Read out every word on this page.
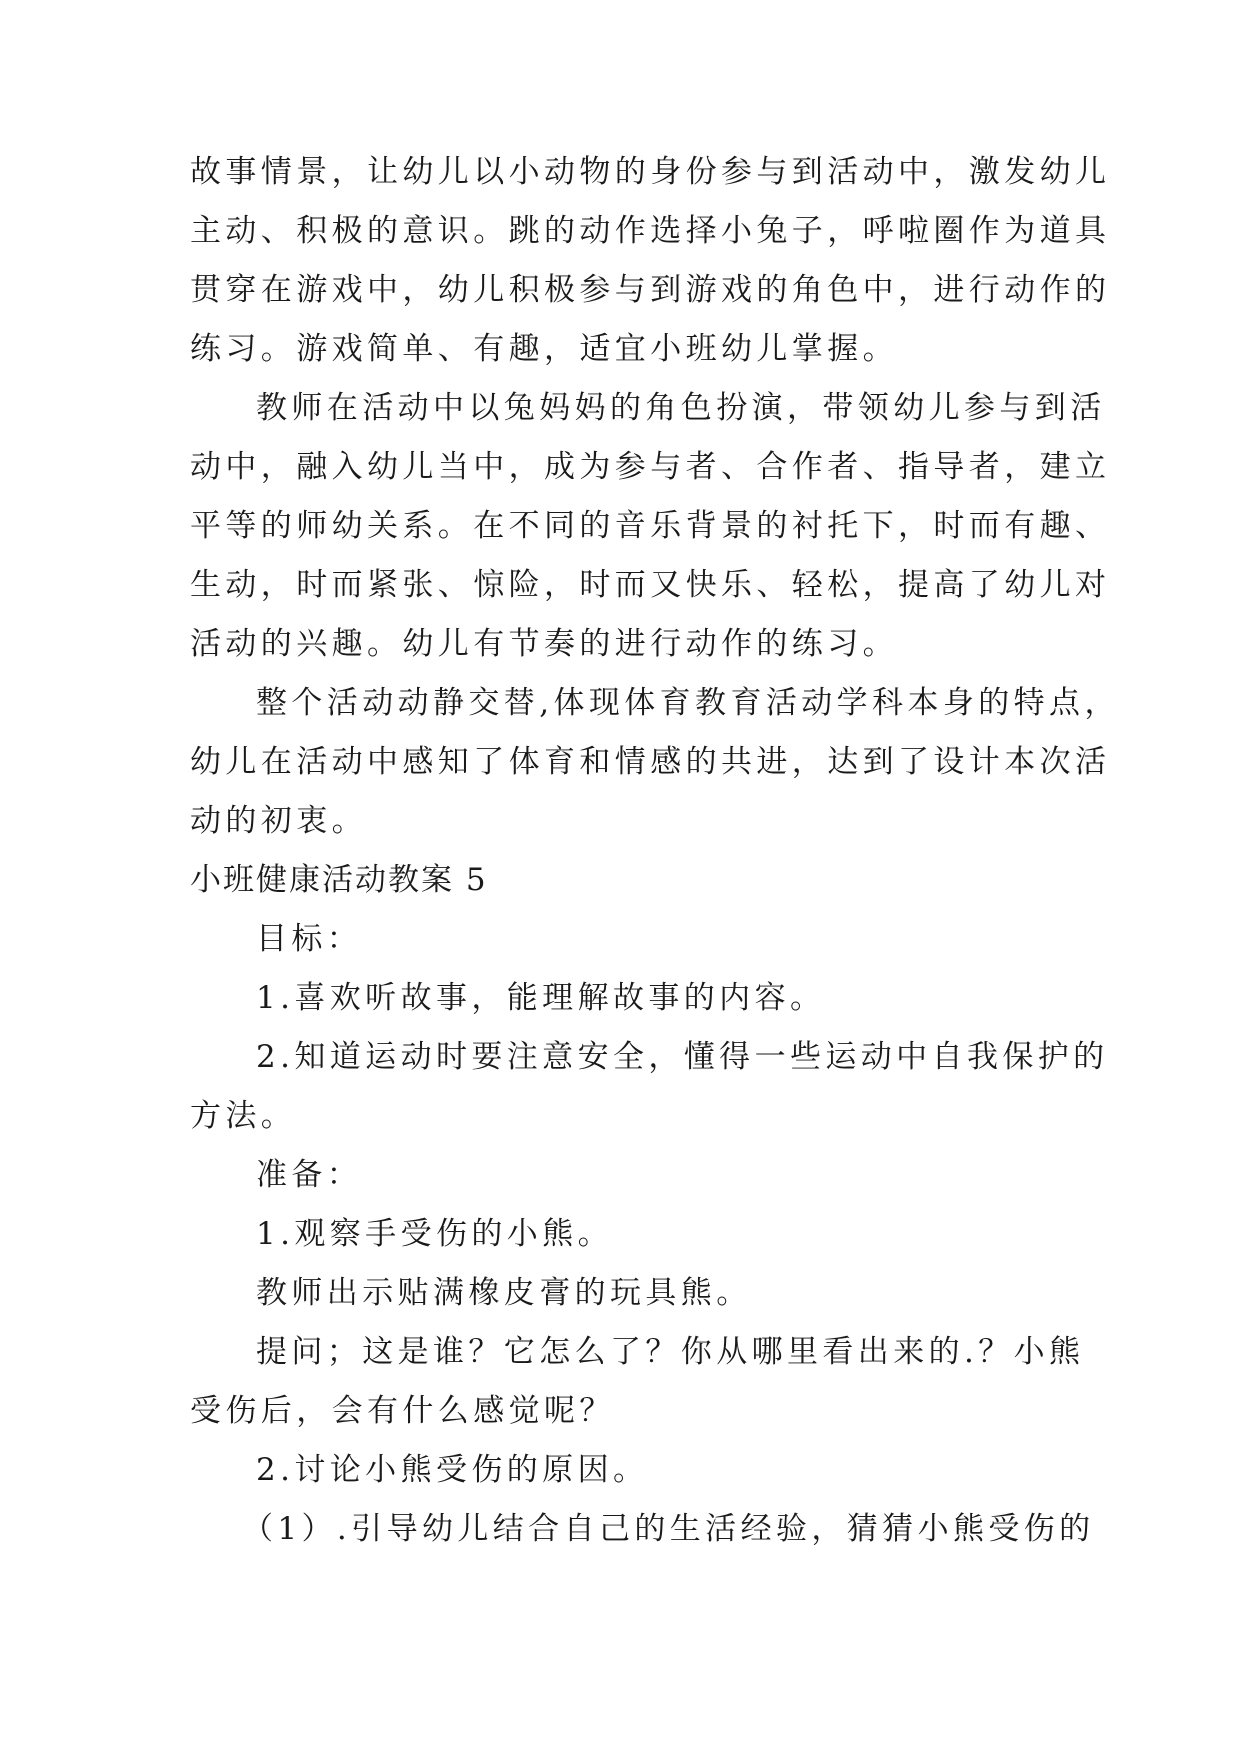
故事情景，让幼儿以小动物的身份参与到活动中，激发幼儿
主动、积极的意识。跳的动作选择小兔子，呼啦圈作为道具
贯穿在游戏中，幼儿积极参与到游戏的角色中，进行动作的
练习。游戏简单、有趣，适宜小班幼儿掌握。
教师在活动中以兔妈妈的角色扮演，带领幼儿参与到活
动中，融入幼儿当中，成为参与者、合作者、指导者，建立
平等的师幼关系。在不同的音乐背景的衬托下，时而有趣、
生动，时而紧张、惊险，时而又快乐、轻松，提高了幼儿对
活动的兴趣。幼儿有节奏的进行动作的练习。
整个活动动静交替,体现体育教育活动学科本身的特点，
幼儿在活动中感知了体育和情感的共进，达到了设计本次活
动的初衷。
小班健康活动教案 5
目标：
1.喜欢听故事，能理解故事的内容。
2.知道运动时要注意安全，懂得一些运动中自我保护的
方法。
准备：
1.观察手受伤的小熊。
教师出示贴满橡皮膏的玩具熊。
提问；这是谁？它怎么了？你从哪里看出来的.？小熊
受伤后，会有什么感觉呢？
2.讨论小熊受伤的原因。
（1）.引导幼儿结合自己的生活经验，猜猜小熊受伤的
